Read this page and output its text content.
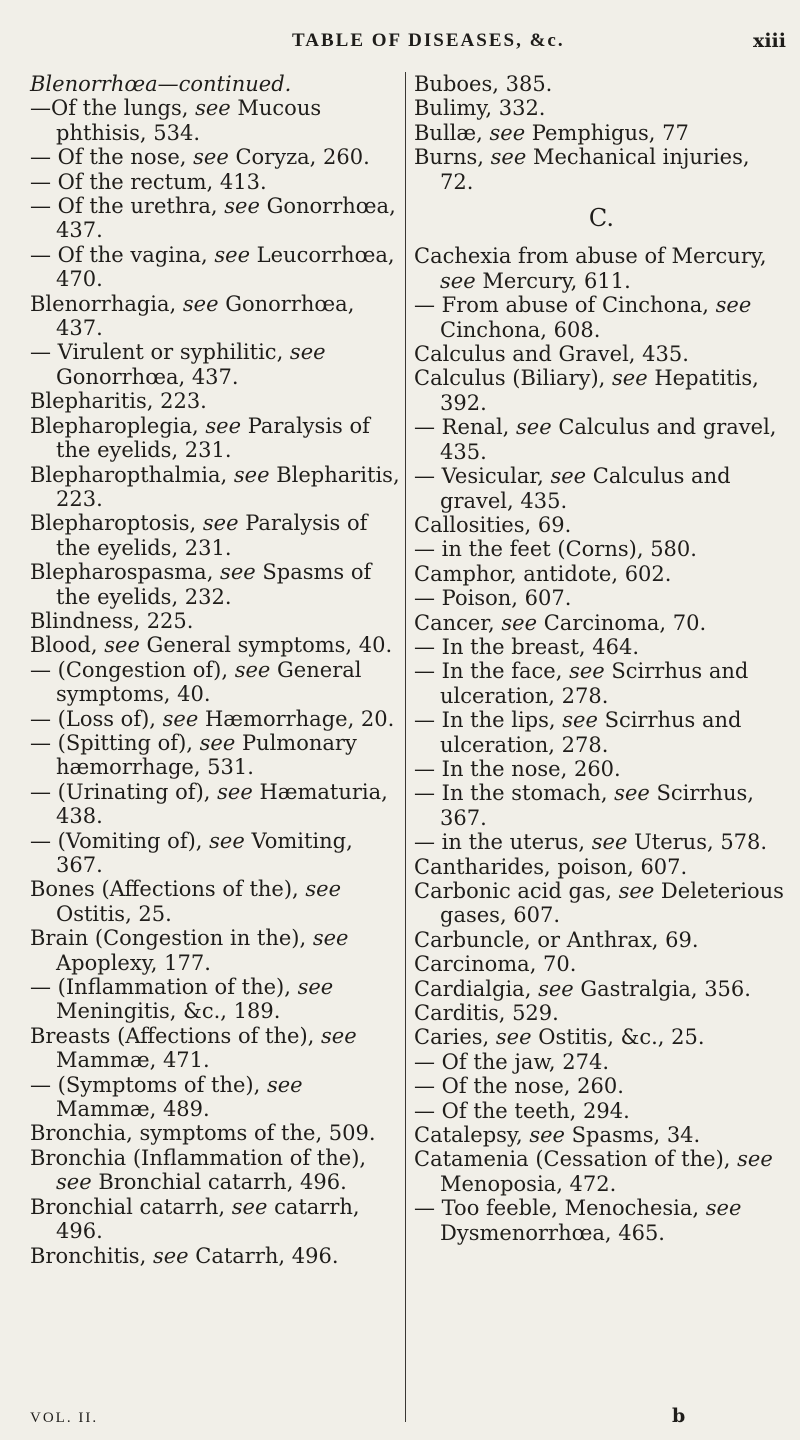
TABLE OF DISEASES, &c.	xiii

Blenorrhœa—continued.

—Of the lungs, see Mucous phthisis, 534.

— Of the nose, see Coryza, 260.

— Of the rectum, 413.

— Of the urethra, see Gonorrhœa, 437.

— Of the vagina, see Leucorrhœa, 470.

Blenorrhagia, see Gonorrhœa, 437.

— Virulent or syphilitic, see Gonorrhœa, 437.

Blepharitis, 223.

Blepharoplegia, see Paralysis of the eyelids, 231.

Blepharopthalmia, see Blepharitis, 223.

Blepharoptosis, see Paralysis of the eyelids, 231.

Blepharospasma, see Spasms of the eyelids, 232.

Blindness, 225.

Blood, see General symptoms, 40.

— (Congestion of), see General symptoms, 40.

— (Loss of), see Hæmorrhage, 20.

— (Spitting of), see Pulmonary hæmorrhage, 531.

— (Urinating of), see Hæmaturia, 438.

— (Vomiting of), see Vomiting, 367.

Bones (Affections of the), see Ostitis, 25.

Brain (Congestion in the), see Apoplexy, 177.

— (Inflammation of the), see Meningitis, &c., 189.

Breasts (Affections of the), see Mammæ, 471.

— (Symptoms of the), see Mammæ, 489.

Bronchia, symptoms of the, 509.

Bronchia (Inflammation of the), see Bronchial catarrh, 496.

Bronchial catarrh, see catarrh, 496.

Bronchitis, see Catarrh, 496.

Buboes, 385.

Bulimy, 332.

Bullæ, see Pemphigus, 77

Burns, see Mechanical injuries, 72.

C.

Cachexia from abuse of Mercury, see Mercury, 611.

— From abuse of Cinchona, see Cinchona, 608.

Calculus and Gravel, 435.

Calculus (Biliary), see Hepatitis, 392.

— Renal, see Calculus and gravel, 435.

— Vesicular, see Calculus and gravel, 435.

Callosities, 69.

— in the feet (Corns), 580.

Camphor, antidote, 602.

— Poison, 607.

Cancer, see Carcinoma, 70.

— In the breast, 464.

— In the face, see Scirrhus and ulceration, 278.

— In the lips, see Scirrhus and ulceration, 278.

— In the nose, 260.

— In the stomach, see Scirrhus, 367.

— in the uterus, see Uterus, 578.

Cantharides, poison, 607.

Carbonic acid gas, see Deleterious gases, 607.

Carbuncle, or Anthrax, 69.

Carcinoma, 70.

Cardialgia, see Gastralgia, 356.

Carditis, 529.

Caries, see Ostitis, &c., 25.

— Of the jaw, 274.

— Of the nose, 260.

— Of the teeth, 294.

Catalepsy, see Spasms, 34.

Catamenia (Cessation of the), see Menoposia, 472.

— Too feeble, Menochesia, see Dysmenorrhœa, 465.

VOL. II.	b
